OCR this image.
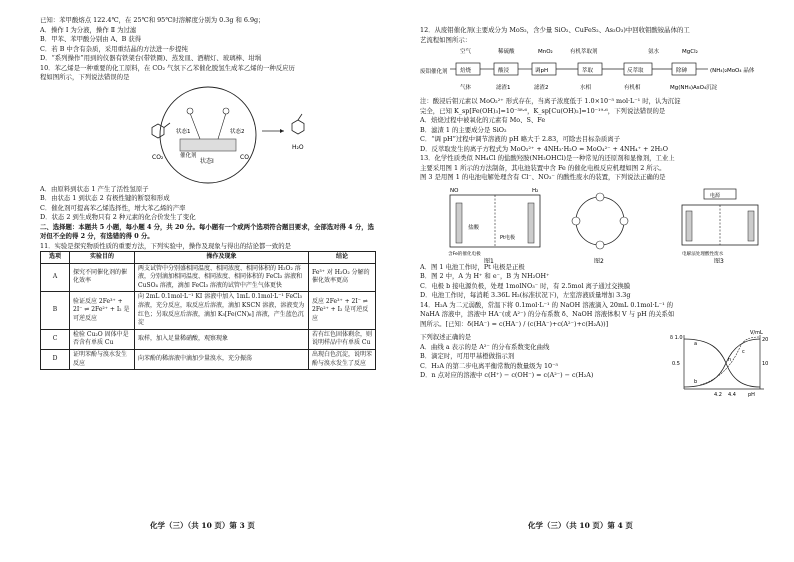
已知：苯甲酸熔点 122.4℃，在 25℃和 95℃时溶解度分别为 0.3g 和 6.9g；

A．操作 I 为分液，操作 Ⅱ 为过滤

B．甲苯、苯甲酸分别由 A、B 获得

C．若 B 中含有杂质，采用重结晶的方法进一步提纯

D．“系列操作”用到的仪器有铁架台(带铁圈)、蒸发皿、酒精灯、玻璃棒、坩埚

10．苯乙烯是一种重要的化工原料，在 CO₂ 气氛下乙苯催化脱氢生成苯乙烯的一种反应历

程如图所示，下列说法错误的是

状态I
状态1	状态2
催化剂
CO₂
H₂O
CO

A．由原料到状态 1 产生了活性氢原子

B．由状态 1 到状态 2 有极性键的断裂和形成

C．催化剂可提高苯乙烯选择性，增大苯乙烯的产率

D．状态 2 到生成物只有 2 种元素的化合价发生了变化

二、选择题：本题共 5 小题，每小题 4 分，共 20 分。每小题有一个或两个选项符合题目要求，全部选对得 4 分，选对但不全的得 2 分，有选错的得 0 分。

11．实验是探究物质性质的重要方法，下列实验中，操作及现象与得出的结论都一致的是

选项	实验目的	操作及现象	结论
A	探究不同催化剂的催化效率	两支试管中分别盛相同温度、相同浓度、相同体积的 H₂O₂ 溶液，分别滴加相同温度、相同浓度、相同体积的 FeCl₃ 溶液和 CuSO₄ 溶液，滴加 FeCl₃ 溶液的试管中产生气体更快	Fe³⁺ 对 H₂O₂ 分解的催化效率更高
B	验证反应 2Fe³⁺ + 2I⁻ ⇌ 2Fe²⁺ + I₂ 是可逆反应	向 2mL 0.1mol·L⁻¹ KI 溶液中加入 1mL 0.1mol·L⁻¹ FeCl₃ 溶液，充分反应，取反应后溶液，滴加 KSCN 溶液，溶液变为红色；另取反应后溶液，滴加 K₃[Fe(CN)₆] 溶液，产生蓝色沉淀	反应 2Fe³⁺ + 2I⁻ ⇌ 2Fe²⁺ + I₂ 是可逆反应
C	检验 Cu₂O 固体中是否含有单质 Cu	取样，加入足量稀硝酸，观察现象	若有红色固体剩余，则说明样品中有单质 Cu
D	证明苯酚与溴水发生反应	向苯酚的稀溶液中滴加少量溴水，充分振荡	出现白色沉淀，说明苯酚与溴水发生了反应
化学（三）（共 10 页）第 3 页

12．从废钼催化剂(主要成分为 MoS₂，含少量 SiO₂、CuFeS₂、As₂O₃)中回收钼酸铵晶体的工

艺流程如图所示：

废钼催化剂
空气	稀硫酸	MnO₂	有机萃取剂	氨水	MgCl₂
焙烧	酸浸	调pH	萃取	反萃取	除砷	(NH₄)₂MoO₄ 晶体
气体	滤渣1	滤渣2	水相	有机相	Mg(NH₄)AsO₄沉淀

注：酸浸后钼元素以 MoO₂²⁺ 形式存在，当离子浓度低于 1.0×10⁻⁵ mol·L⁻¹ 时，认为沉淀

完全，已知 K_sp[Fe(OH)₃]=10⁻³⁸·⁶，K_sp[Cu(OH)₂]=10⁻¹⁹·⁶，下列说法错误的是

A．焙烧过程中被氧化的元素有 Mo、S、Fe

B．滤渣 1 的主要成分是 SiO₂

C．“调 pH”过程中调节溶液的 pH 略大于 2.83，可除去目标杂质离子

D．反萃取发生的离子方程式为 MoO₂²⁺ + 4NH₃·H₂O = MoO₄²⁻ + 4NH₄⁺ + 2H₂O

13．化学性质类似 NH₄Cl 的盐酸羟胺(NH₂OHCl)是一种常见的还原剂和显像剂，工业上

主要采用图 1 所示的方法制备，其电池装置中含 Fe 的催化电极反应机理如图 2 所示。

图 3 是用图 1 的电池电解处理含有 Cl⁻、NO₃⁻ 的酸性废水的装置，下列说法正确的是

NO	H₂
盐酸
Pt电极
含Fe的催化电极
图1	图2
电源
电解法处理酸性废水
图3

A．图 1 电池工作时，Pt 电极是正极

B．图 2 中，A 为 H⁺ 和 e⁻，B 为 NH₂OH⁺

C．电极 b 接电源负极，处理 1molNO₃⁻ 时，有 2.5mol 离子通过交换膜

D．电池工作时，每消耗 3.36L H₂(标准状况下)，左室溶液质量增加 3.3g

14．H₂A 为二元弱酸，常温下将 0.1mol·L⁻¹ 的 NaOH 溶液滴入 20mL 0.1mol·L⁻¹ 的

NaHA 溶液中，溶液中 HA⁻(或 A²⁻) 的分布系数 δ、NaOH 溶液体积 V 与 pH 的关系如

图所示。[已知：δ(HA⁻) = c(HA⁻) / (c(HA⁻)+c(A²⁻)+c(H₂A))]

下列叙述正确的是

A．曲线 a 表示的是 A²⁻ 的分布系数变化曲线

B．滴定时，可用甲基橙做指示剂

C．H₂A 的第二步电离平衡常数的数量级为 10⁻⁵

D．n 点对应的溶液中 c(H⁺) − c(OH⁻) = c(A²⁻) − c(H₂A)

δ 1.0
V/mL
a
b
c
n
0.5
20
10
4.2 4.4 pH
化学（三）（共 10 页）第 4 页
